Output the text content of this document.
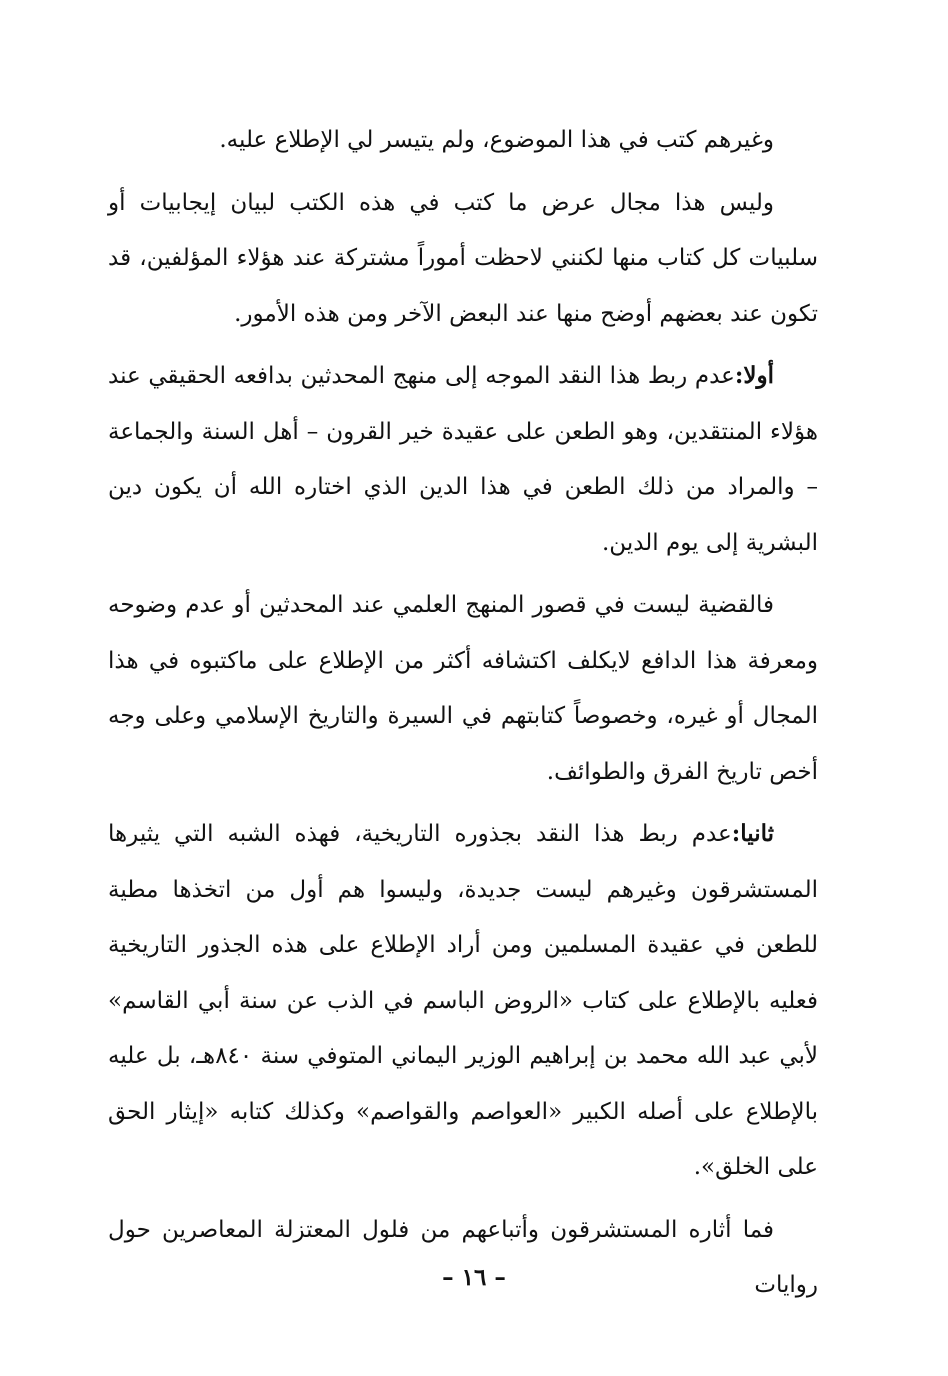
وغيرهم كتب في هذا الموضوع، ولم يتيسر لي الإطلاع عليه.

وليس هذا مجال عرض ما كتب في هذه الكتب لبيان إيجابيات أو سلبيات كل كتاب منها لكنني لاحظت أموراً مشتركة عند هؤلاء المؤلفين، قد تكون عند بعضهم أوضح منها عند البعض الآخر ومن هذه الأمور.

أولا:عدم ربط هذا النقد الموجه إلى منهج المحدثين بدافعه الحقيقي عند هؤلاء المنتقدين، وهو الطعن على عقيدة خير القرون – أهل السنة والجماعة – والمراد من ذلك الطعن في هذا الدين الذي اختاره الله أن يكون دين البشرية إلى يوم الدين.

فالقضية ليست في قصور المنهج العلمي عند المحدثين أو عدم وضوحه ومعرفة هذا الدافع لايكلف اكتشافه أكثر من الإطلاع على ماكتبوه في هذا المجال أو غيره، وخصوصاً كتابتهم في السيرة والتاريخ الإسلامي وعلى وجه أخص تاريخ الفرق والطوائف.

ثانيا:عدم ربط هذا النقد بجذوره التاريخية، فهذه الشبه التي يثيرها المستشرقون وغيرهم ليست جديدة، وليسوا هم أول من اتخذها مطية للطعن في عقيدة المسلمين ومن أراد الإطلاع على هذه الجذور التاريخية فعليه بالإطلاع على كتاب «الروض الباسم في الذب عن سنة أبي القاسم» لأبي عبد الله محمد بن إبراهيم الوزير اليماني المتوفي سنة ٨٤٠هـ، بل عليه بالإطلاع على أصله الكبير «العواصم والقواصم» وكذلك كتابه «إيثار الحق على الخلق».

فما أثاره المستشرقون وأتباعهم من فلول المعتزلة المعاصرين حول روايات

– ١٦ –
